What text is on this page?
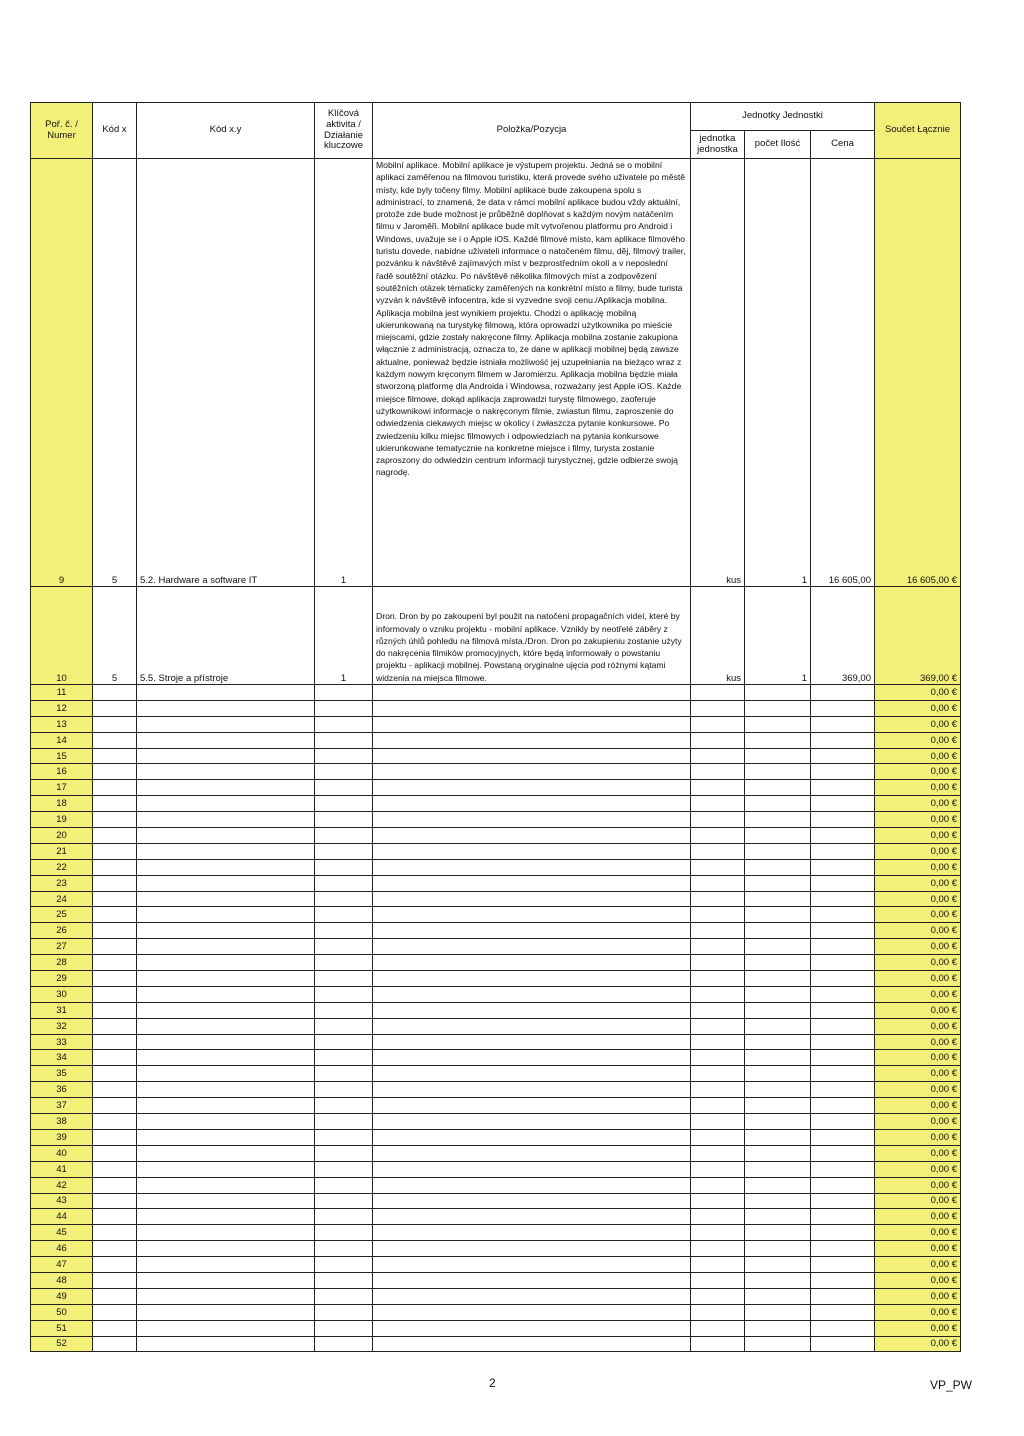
Poř. č. / Numer	Kód x	Kód x.y	Klíčová aktivita / Działanie kluczowe	Položka/Pozycja	Jednotky Jednostki			Součet Łącznie
					jednotka jednostka	počet Ilość	Cena	
9	5	5.2. Hardware a software IT	1	Mobilní aplikace. Mobilní aplikace je výstupem projektu. Jedná se o mobilní aplikaci zaměřenou na filmovou turistiku, která provede svého uživatele po městě místy, kde byly točeny filmy. Mobilní aplikace bude zakoupena spolu s administrací, to znamená, že data v rámci mobilní aplikace budou vždy aktuální, protože zde bude možnost je průběžně doplňovat s každým novým natáčením filmu v Jaroměři. Mobilní aplikace bude mít vytvořenou platformu pro Android i Windows, uvažuje se i o Apple iOS. Každé filmové místo, kam aplikace filmového turistu dovede, nabídne uživateli informace o natočeném filmu, děj, filmový trailer, pozvánku k návštěvě zajímavých míst v bezprostředním okolí a v neposlední řadě soutěžní otázku. Po návštěvě několika filmových míst a zodpovězení soutěžních otázek tématicky zaměřených na konkrétní místo a filmy, bude turista vyzván k návštěvě infocentra, kde si vyzvedne svoji cenu./Aplikacja mobilna. Aplikacja mobilna jest wynikiem projektu. Chodzi o aplikację mobilną ukierunkowaną na turystykę filmową, która oprowadzi użytkownika po mieście miejscami, gdzie zostały nakręcone filmy. Aplikacja mobilna zostanie zakupiona włącznie z administracją, oznacza to, że dane w aplikacji mobilnej będą zawsze aktualne, ponieważ będzie istniała możliwość jej uzupełniania na bieżąco wraz z każdym nowym kręconym filmem w Jaromierzu. Aplikacja mobilna będzie miała stworzoną platformę dla Androida i Windowsa, rozważany jest Apple iOS. Każde miejsce filmowe, dokąd aplikacja zaprowadzi turystę filmowego, zaoferuje użytkownikowi informacje o nakręconym filmie, zwiastun filmu, zaproszenie do odwiedzenia ciekawych miejsc w okolicy i zwłaszcza pytanie konkursowe. Po zwiedzeniu kilku miejsc filmowych i odpowiedziach na pytania konkursowe ukierunkowane tematycznie na konkretne miejsce i filmy, turysta zostanie zaproszony do odwiedzin centrum informacji turystycznej, gdzie odbierze swoją nagrodę.	kus	1	16 605,00	16 605,00 €
10	5	5.5. Stroje a přístroje	1	Dron. Dron by po zakoupení byl použit na natočení propagačních videí, které by informovaly o vzniku projektu - mobilní aplikace. Vznikly by neotřelé záběry z různých úhlů pohledu na filmová místa./Dron. Dron po zakupieniu zostanie użyty do nakręcenia filmików promocyjnych, które będą informowały o powstaniu projektu - aplikacji mobilnej. Powstaną oryginalne ujęcia pod różnymi kątami widzenia na miejsca filmowe.	kus	1	369,00	369,00 €
11								0,00 €
12								0,00 €
13								0,00 €
14								0,00 €
15								0,00 €
16								0,00 €
17								0,00 €
18								0,00 €
19								0,00 €
20								0,00 €
21								0,00 €
22								0,00 €
23								0,00 €
24								0,00 €
25								0,00 €
26								0,00 €
27								0,00 €
28								0,00 €
29								0,00 €
30								0,00 €
31								0,00 €
32								0,00 €
33								0,00 €
34								0,00 €
35								0,00 €
36								0,00 €
37								0,00 €
38								0,00 €
39								0,00 €
40								0,00 €
41								0,00 €
42								0,00 €
43								0,00 €
44								0,00 €
45								0,00 €
46								0,00 €
47								0,00 €
48								0,00 €
49								0,00 €
50								0,00 €
51								0,00 €
52								0,00 €
2	VP_PW
